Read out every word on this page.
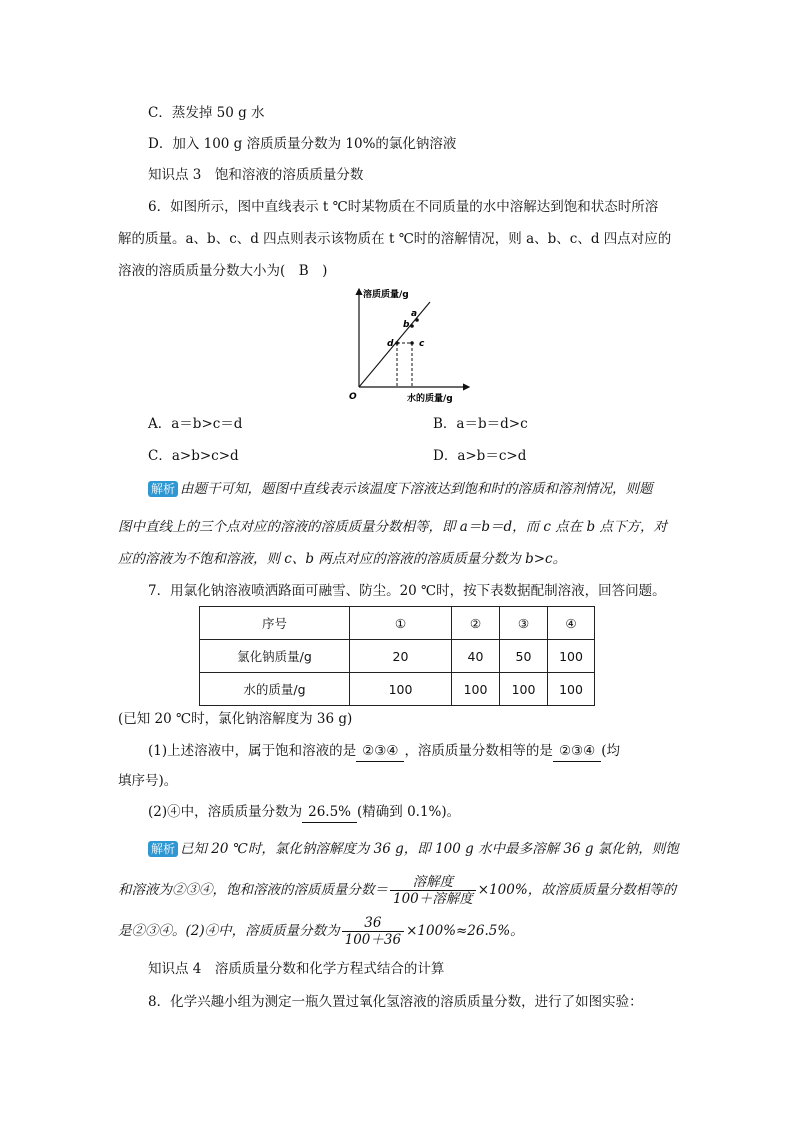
C．蒸发掉 50 g 水
D．加入 100 g 溶质质量分数为 10%的氯化钠溶液
知识点 3　饱和溶液的溶质质量分数
6．如图所示，图中直线表示 t ℃时某物质在不同质量的水中溶解达到饱和状态时所溶
解的质量。a、b、c、d 四点则表示该物质在 t ℃时的溶解情况，则 a、b、c、d 四点对应的
溶液的溶质质量分数大小为(　B　)
a
b
c
d
溶质质量/g
水的质量/g
O
A．a＝b>c＝d	B．a＝b＝d>c
C．a>b>c>d	D．a>b＝c>d
解析 由题干可知，题图中直线表示该温度下溶液达到饱和时的溶质和溶剂情况，则题
图中直线上的三个点对应的溶液的溶质质量分数相等，即 a＝b＝d，而 c 点在 b 点下方，对
应的溶液为不饱和溶液，则 c、b 两点对应的溶液的溶质质量分数为 b>c。
7．用氯化钠溶液喷洒路面可融雪、防尘。20 ℃时，按下表数据配制溶液，回答问题。
序号	①	②	③	④
氯化钠质量/g	20	40	50	100
水的质量/g	100	100	100	100
(已知 20 ℃时，氯化钠溶解度为 36 g)
(1)上述溶液中，属于饱和溶液的是 ②③④ ，溶质质量分数相等的是 ②③④ (均
填序号)。
(2)④中，溶质质量分数为 26.5% (精确到 0.1%)。
解析 已知 20 ℃时，氯化钠溶解度为 36 g，即 100 g 水中最多溶解 36 g 氯化钠，则饱
和溶液为②③④，饱和溶液的溶质质量分数＝ $\frac{\text{溶解度}}{\text{100＋溶解度}} \times 100\%$，故溶质质量分数相等的
是②③④。(2)④中，溶质质量分数为 $\frac{36}{100+36} \times 100\%\approx 26.5\%$。
知识点 4　溶质质量分数和化学方程式结合的计算
8．化学兴趣小组为测定一瓶久置过氧化氢溶液的溶质质量分数，进行了如图实验：
